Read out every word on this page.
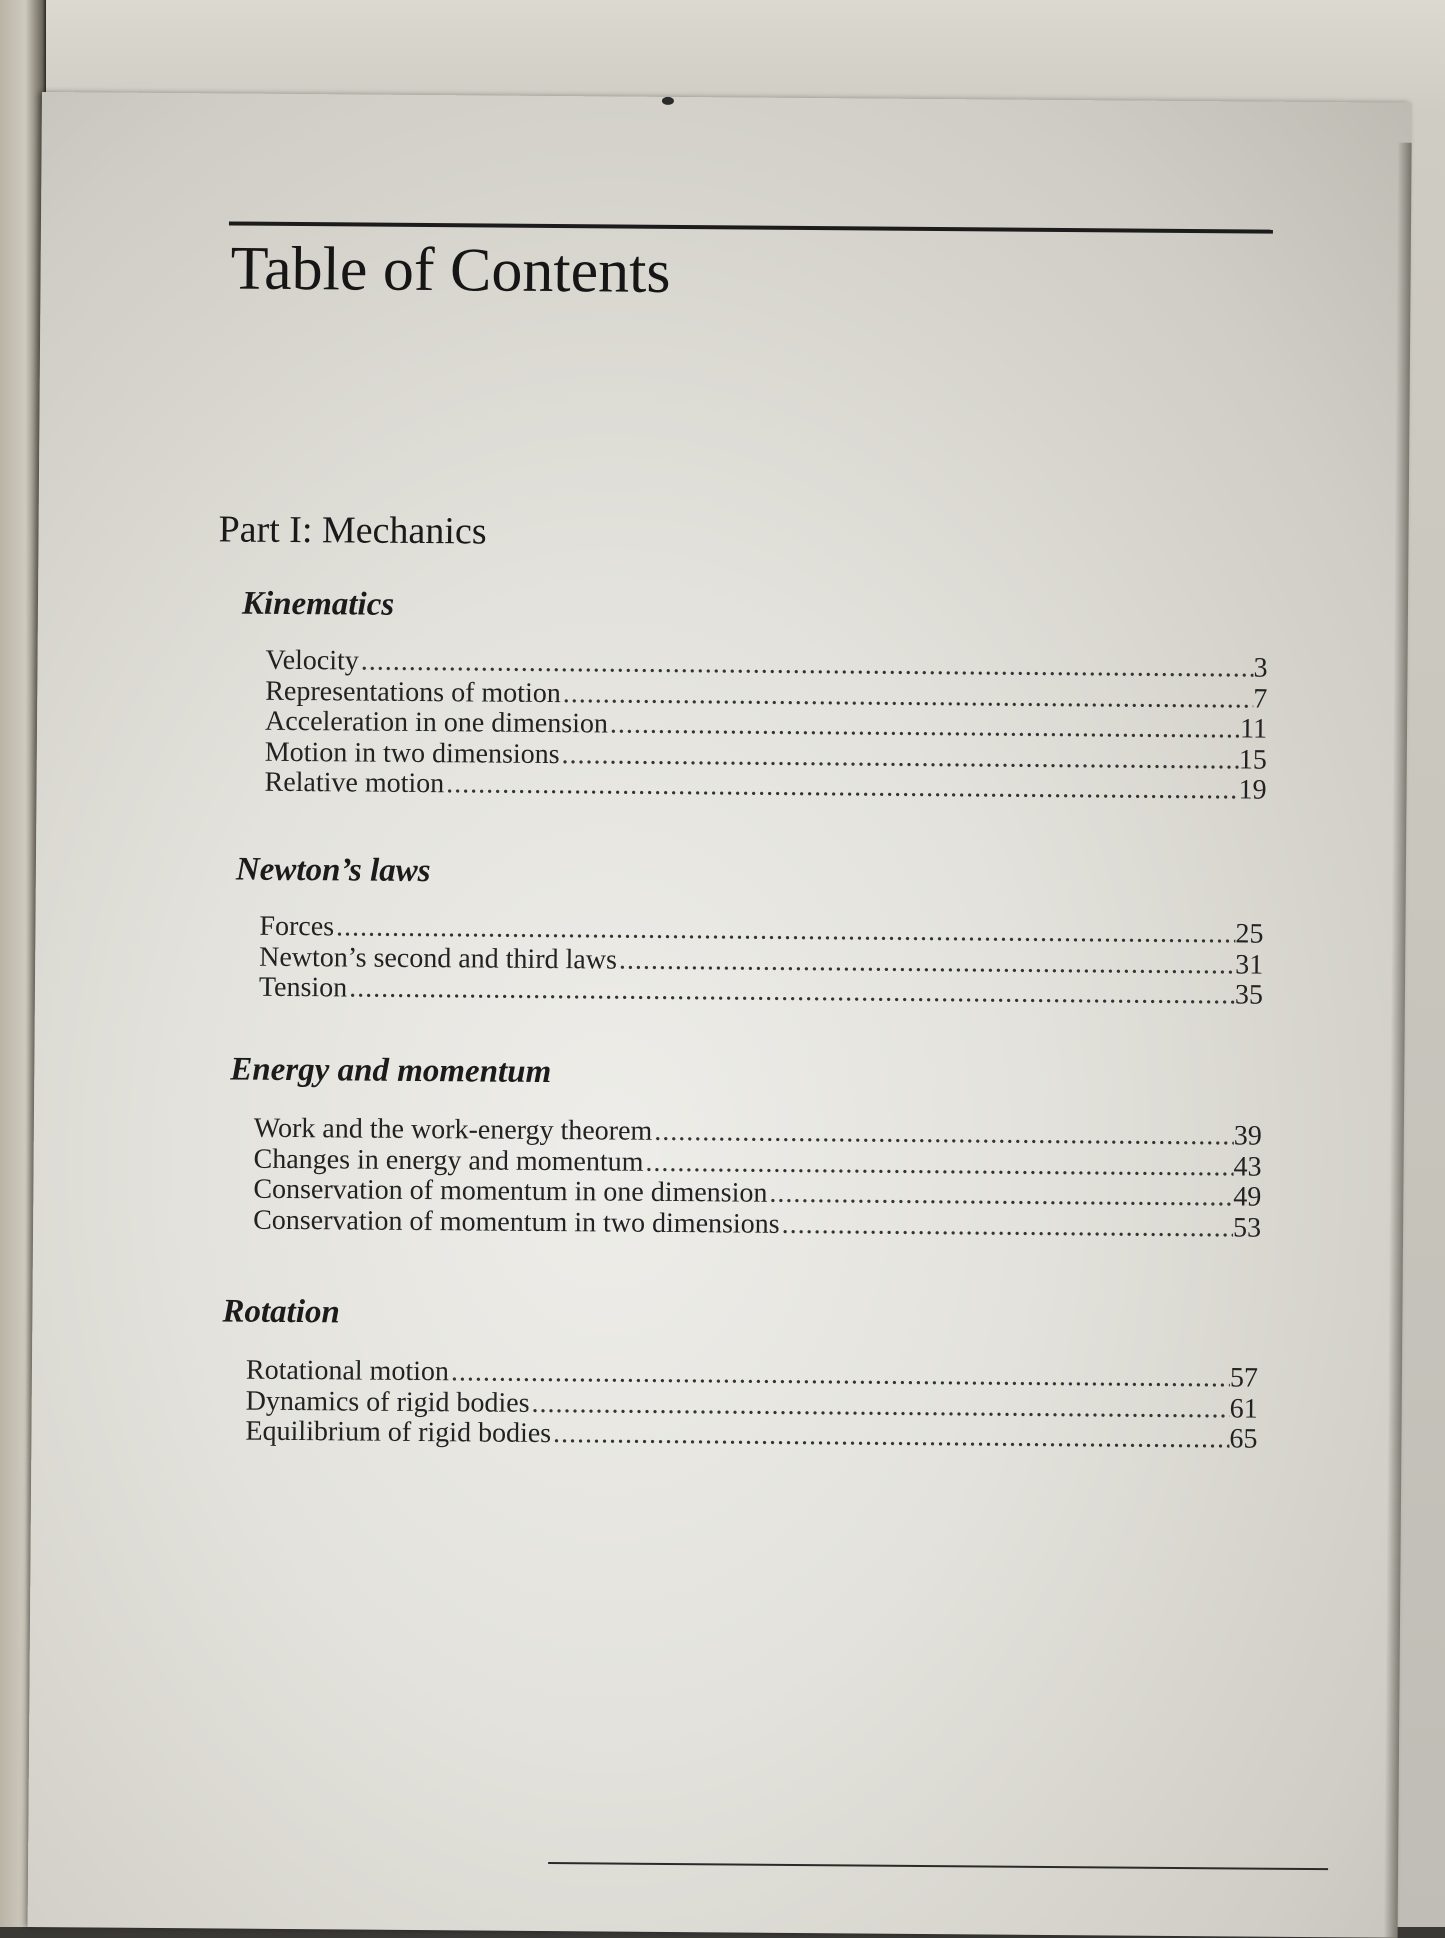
Table of Contents
Part I: Mechanics
Kinematics
Velocity .....	3
Representations of motion .....	7
Acceleration in one dimension .....	11
Motion in two dimensions .....	15
Relative motion .....	19
Newton’s laws
Forces .....	25
Newton’s second and third laws .....	31
Tension .....	35
Energy and momentum
Work and the work-energy theorem .....	39
Changes in energy and momentum .....	43
Conservation of momentum in one dimension .....	49
Conservation of momentum in two dimensions .....	53
Rotation
Rotational motion .....	57
Dynamics of rigid bodies .....	61
Equilibrium of rigid bodies .....	65
